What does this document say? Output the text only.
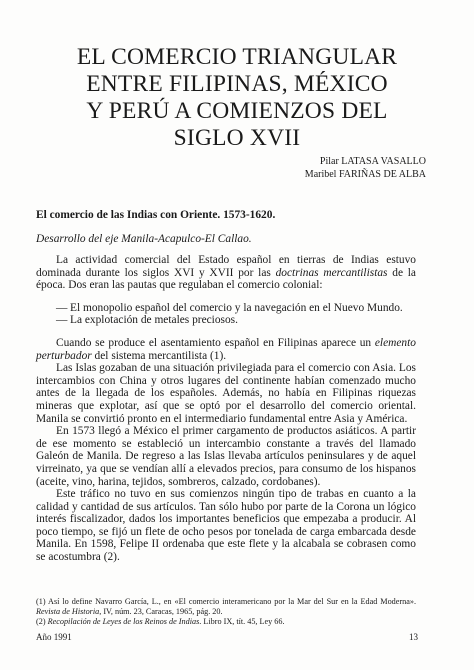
EL COMERCIO TRIANGULAR
ENTRE FILIPINAS, MÉXICO
Y PERÚ A COMIENZOS DEL
SIGLO XVII
Pilar LATASA VASALLO
Maribel FARIÑAS DE ALBA
El comercio de las Indias con Oriente. 1573-1620.
Desarrollo del eje Manila-Acapulco-El Callao.

La actividad comercial del Estado español en tierras de Indias estuvo dominada durante los siglos XVI y XVII por las doctrinas mercantilistas de la época. Dos eran las pautas que regulaban el comercio colonial:

— El monopolio español del comercio y la navegación en el Nuevo Mundo.
— La explotación de metales preciosos.

Cuando se produce el asentamiento español en Filipinas aparece un elemento perturbador del sistema mercantilista (1).

Las Islas gozaban de una situación privilegiada para el comercio con Asia. Los intercambios con China y otros lugares del continente habían comenzado mucho antes de la llegada de los españoles. Además, no había en Filipinas riquezas mineras que explotar, así que se optó por el desarrollo del comercio oriental. Manila se convirtió pronto en el intermediario fundamental entre Asia y América.

En 1573 llegó a México el primer cargamento de productos asiáticos. A partir de ese momento se estableció un intercambio constante a través del llamado Galeón de Manila. De regreso a las Islas llevaba artículos peninsulares y de aquel virreinato, ya que se vendían allí a elevados precios, para consumo de los hispanos (aceite, vino, harina, tejidos, sombreros, calzado, cordobanes).

Este tráfico no tuvo en sus comienzos ningún tipo de trabas en cuanto a la calidad y cantidad de sus artículos. Tan sólo hubo por parte de la Corona un lógico interés fiscalizador, dados los importantes beneficios que empezaba a producir. Al poco tiempo, se fijó un flete de ocho pesos por tonelada de carga embarcada desde Manila. En 1598, Felipe II ordenaba que este flete y la alcabala se cobrasen como se acostumbra (2).

(1) Así lo define Navarro García, L., en «El comercio interamericano por la Mar del Sur en la Edad Moderna». Revista de Historia, IV, núm. 23, Caracas, 1965, pág. 20.
(2) Recopilación de Leyes de los Reinos de Indias. Libro IX, tít. 45, Ley 66.
Año 1991	13
